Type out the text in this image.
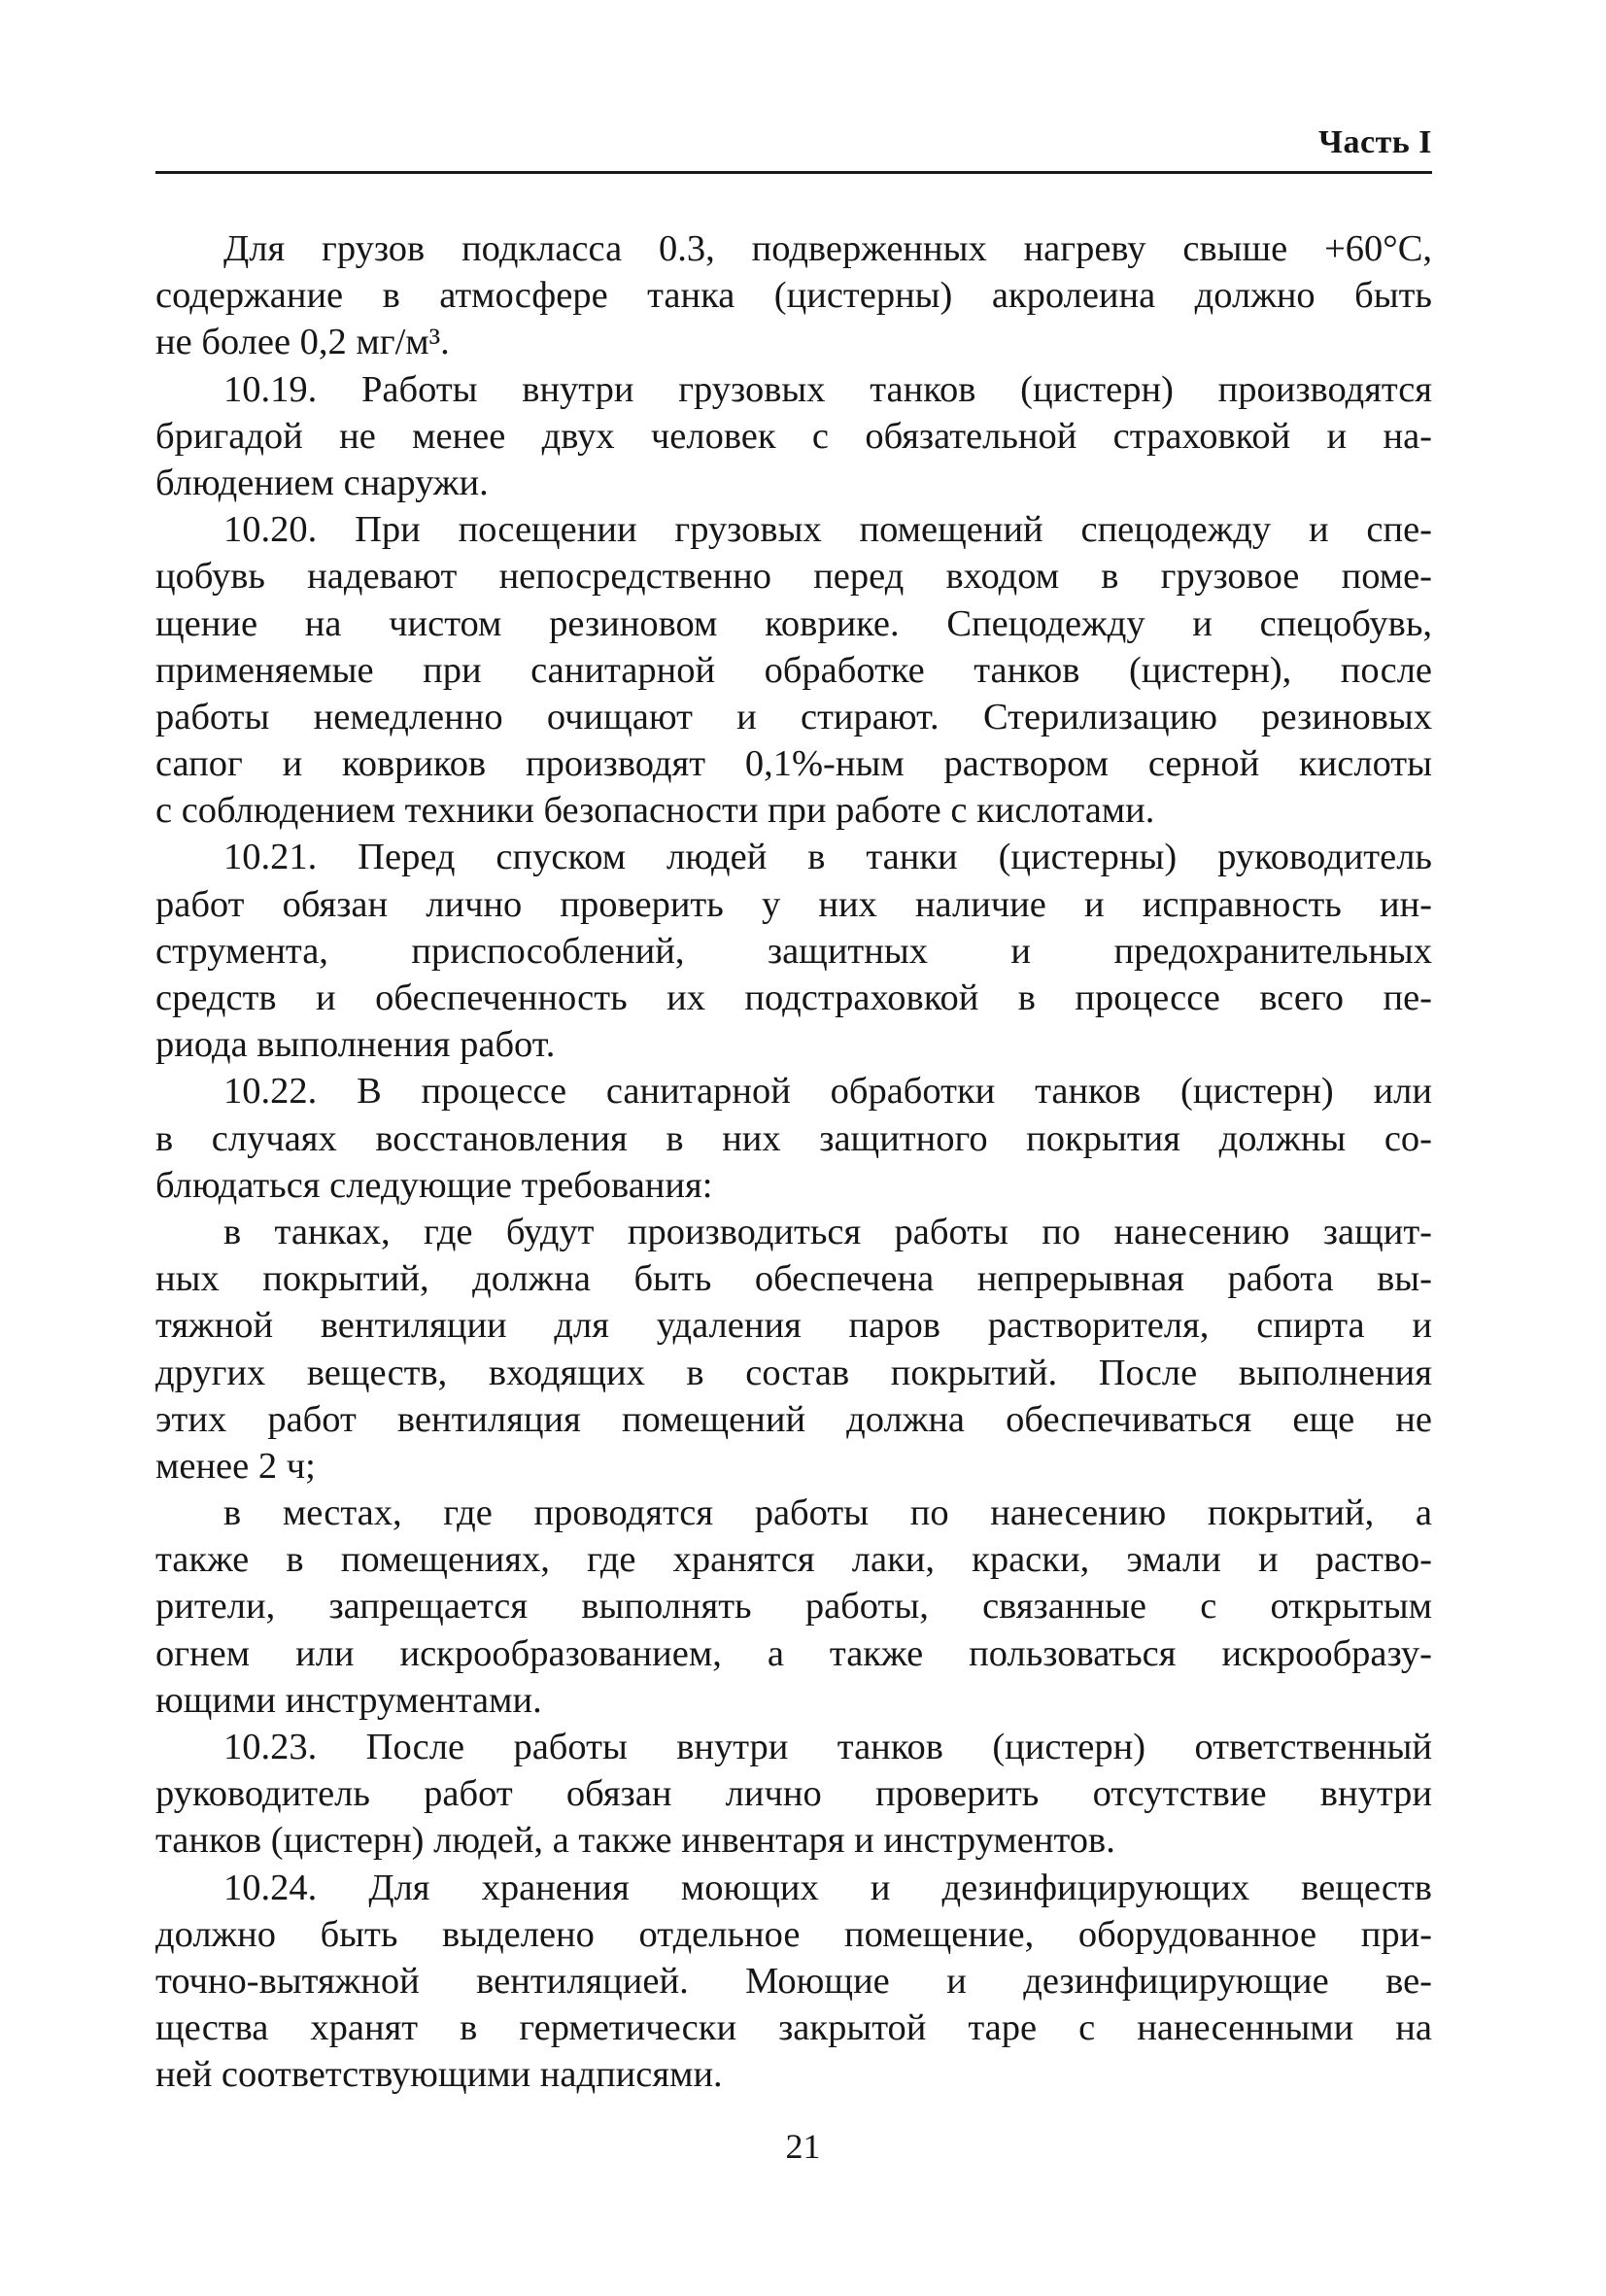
Часть I
Для грузов подкласса 0.3, подверженных нагреву свыше +60°C,
содержание в атмосфере танка (цистерны) акролеина должно быть
не более 0,2 мг/м³.
10.19. Работы внутри грузовых танков (цистерн) производятся
бригадой не менее двух человек с обязательной страховкой и на-
блюдением снаружи.
10.20. При посещении грузовых помещений спецодежду и спе-
цобувь надевают непосредственно перед входом в грузовое поме-
щение на чистом резиновом коврике. Спецодежду и спецобувь,
применяемые при санитарной обработке танков (цистерн), после
работы немедленно очищают и стирают. Стерилизацию резиновых
сапог и ковриков производят 0,1%-ным раствором серной кислоты
с соблюдением техники безопасности при работе с кислотами.
10.21. Перед спуском людей в танки (цистерны) руководитель
работ обязан лично проверить у них наличие и исправность ин-
струмента, приспособлений, защитных и предохранительных
средств и обеспеченность их подстраховкой в процессе всего пе-
риода выполнения работ.
10.22. В процессе санитарной обработки танков (цистерн) или
в случаях восстановления в них защитного покрытия должны со-
блюдаться следующие требования:
в танках, где будут производиться работы по нанесению защит-
ных покрытий, должна быть обеспечена непрерывная работа вы-
тяжной вентиляции для удаления паров растворителя, спирта и
других веществ, входящих в состав покрытий. После выполнения
этих работ вентиляция помещений должна обеспечиваться еще не
менее 2 ч;
в местах, где проводятся работы по нанесению покрытий, а
также в помещениях, где хранятся лаки, краски, эмали и раство-
рители, запрещается выполнять работы, связанные с открытым
огнем или искрообразованием, а также пользоваться искрообразу-
ющими инструментами.
10.23. После работы внутри танков (цистерн) ответственный
руководитель работ обязан лично проверить отсутствие внутри
танков (цистерн) людей, а также инвентаря и инструментов.
10.24. Для хранения моющих и дезинфицирующих веществ
должно быть выделено отдельное помещение, оборудованное при-
точно-вытяжной вентиляцией. Моющие и дезинфицирующие ве-
щества хранят в герметически закрытой таре с нанесенными на
ней соответствующими надписями.
21
